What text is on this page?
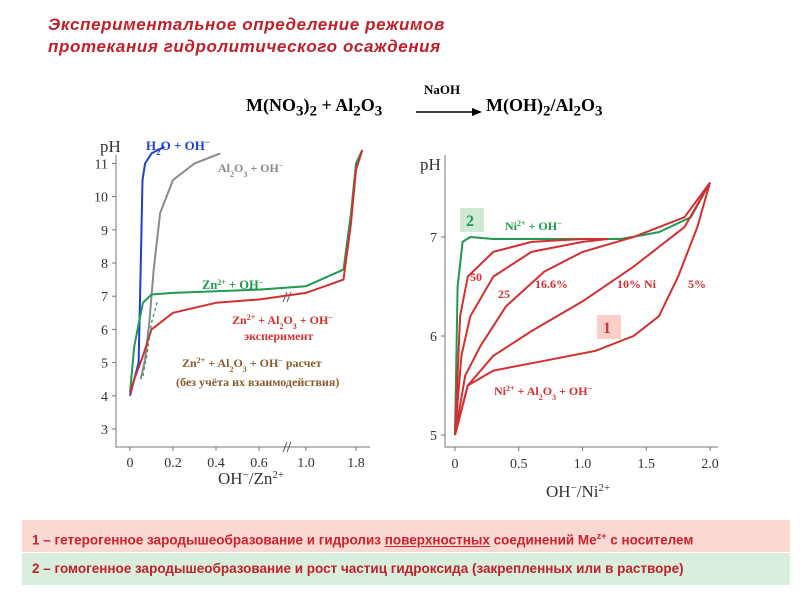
Экспериментальное определение режимов
протекания гидролитического осаждения
$M(NO_3)_2 + Al_2O_3$
NaOH
$M(OH)_2/Al_2O_3$
pH
3
4
5
6
7
8
9
10
11
0 0.2 0.4 0.6 1.0 1.8
$OH^-/Zn^{2+}$
$H_2O + OH^-$
$Al_2O_3 + OH^-$
$Zn^{2+} + OH^-$
$Zn^{2+} + Al_2O_3 + OH^-$
эксперимент
$Zn^{2+} + Al_2O_3 + OH^-$ расчет
(без учёта их взаимодействия)
pH
5
6
7
0	0.5	1.0	1.5	2.0
$OH^-/Ni^{2+}$
2
1
$Ni^{2+} + OH^-$
50
25
16.6%	10% Ni	5%
$Ni^{2+} + Al_2O_3 + OH^-$
1 – гетерогенное зародышеобразование и гидролиз поверхностных соединений $Me^{z+}$ с носителем
2 – гомогенное зародышеобразование и рост частиц гидроксида (закрепленных или в растворе)
